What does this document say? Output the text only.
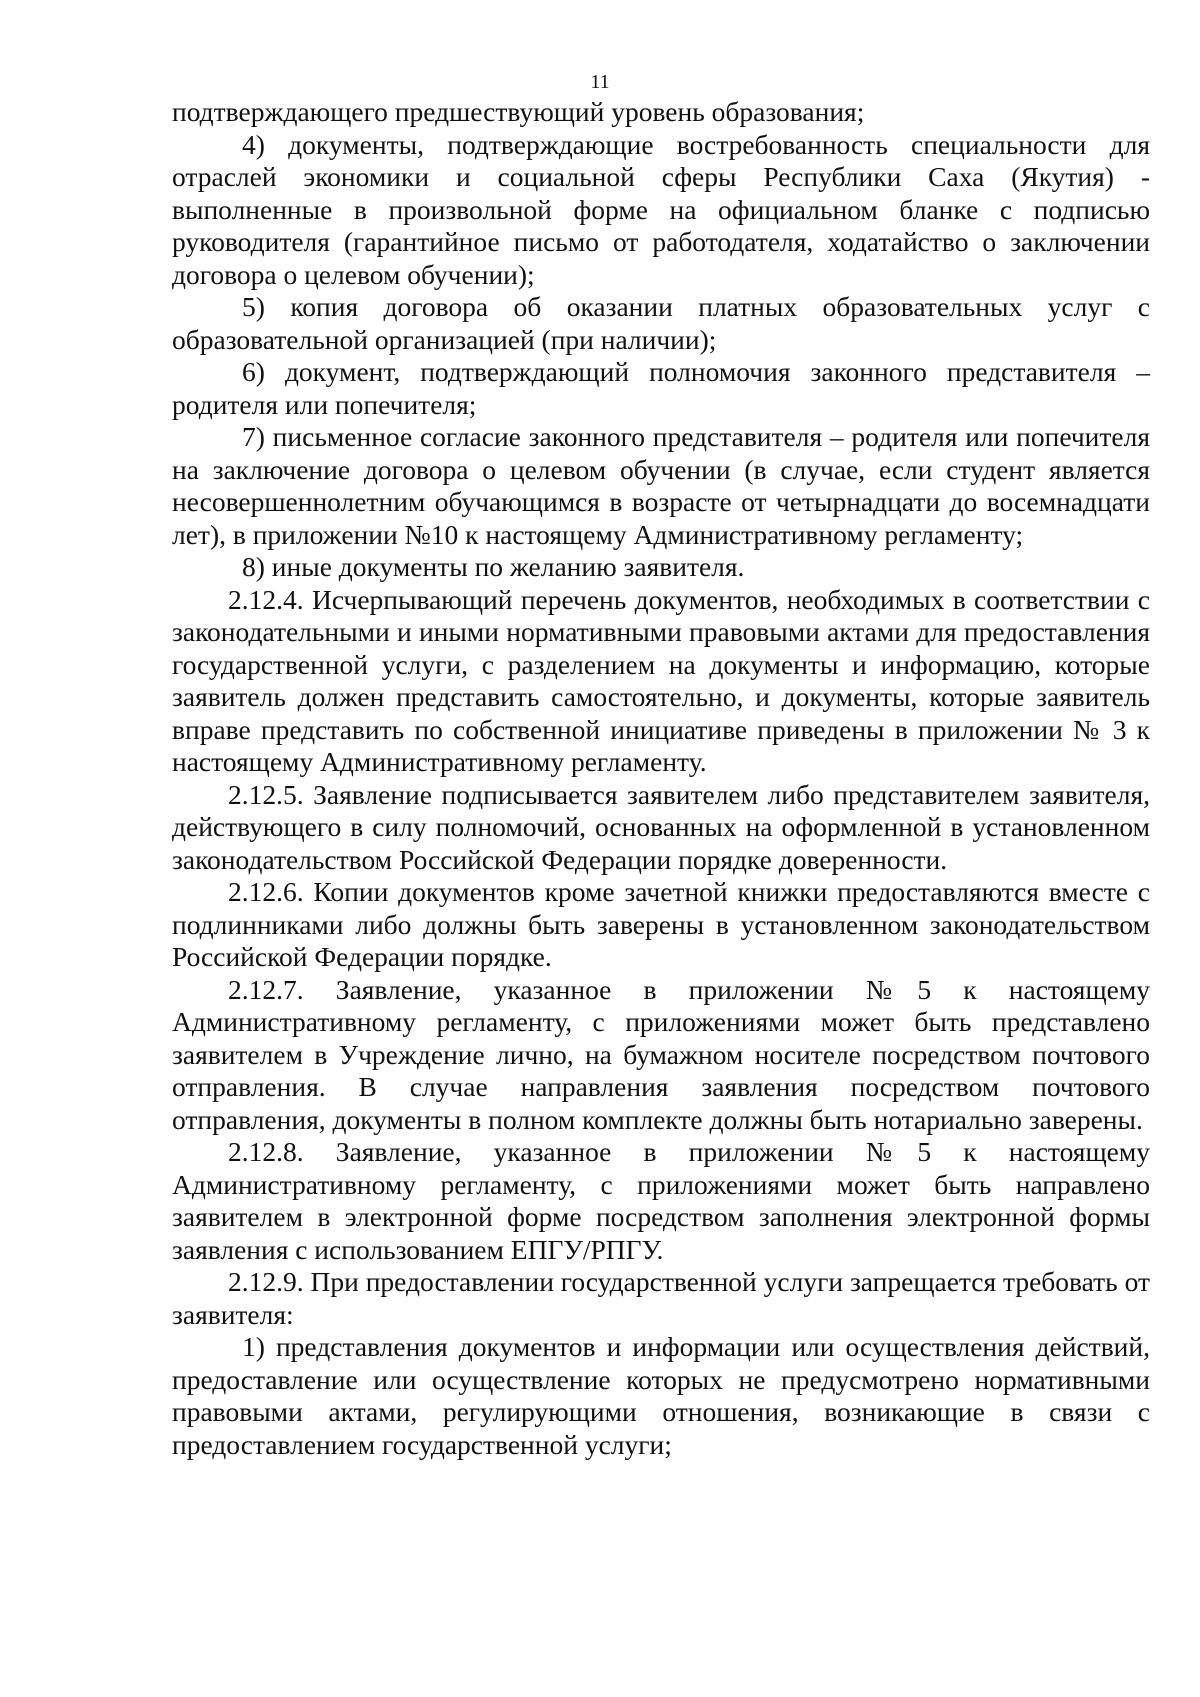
11

подтверждающего предшествующий уровень образования;

4) документы, подтверждающие востребованность специальности для отраслей экономики и социальной сферы Республики Саха (Якутия) - выполненные в произвольной форме на официальном бланке с подписью руководителя (гарантийное письмо от работодателя, ходатайство о заключении договора о целевом обучении);

5) копия договора об оказании платных образовательных услуг с образовательной организацией (при наличии);

6) документ, подтверждающий полномочия законного представителя – родителя или попечителя;

7) письменное согласие законного представителя – родителя или попечителя на заключение договора о целевом обучении (в случае, если студент является несовершеннолетним обучающимся в возрасте от четырнадцати до восемнадцати лет), в приложении №10 к настоящему Административному регламенту;

8) иные документы по желанию заявителя.

2.12.4. Исчерпывающий перечень документов, необходимых в соответствии с законодательными и иными нормативными правовыми актами для предоставления государственной услуги, с разделением на документы и информацию, которые заявитель должен представить самостоятельно, и документы, которые заявитель вправе представить по собственной инициативе приведены в приложении № 3 к настоящему Административному регламенту.

2.12.5. Заявление подписывается заявителем либо представителем заявителя, действующего в силу полномочий, основанных на оформленной в установленном законодательством Российской Федерации порядке доверенности.

2.12.6. Копии документов кроме зачетной книжки предоставляются вместе с подлинниками либо должны быть заверены в установленном законодательством Российской Федерации порядке.

2.12.7. Заявление, указанное в приложении №5 к настоящему Административному регламенту, с приложениями может быть представлено заявителем в Учреждение лично, на бумажном носителе посредством почтового отправления. В случае направления заявления посредством почтового отправления, документы в полном комплекте должны быть нотариально заверены.

2.12.8. Заявление, указанное в приложении №5 к настоящему Административному регламенту, с приложениями может быть направлено заявителем в электронной форме посредством заполнения электронной формы заявления с использованием ЕПГУ/РПГУ.

2.12.9. При предоставлении государственной услуги запрещается требовать от заявителя:

1) представления документов и информации или осуществления действий, предоставление или осуществление которых не предусмотрено нормативными правовыми актами, регулирующими отношения, возникающие в связи с предоставлением государственной услуги;
